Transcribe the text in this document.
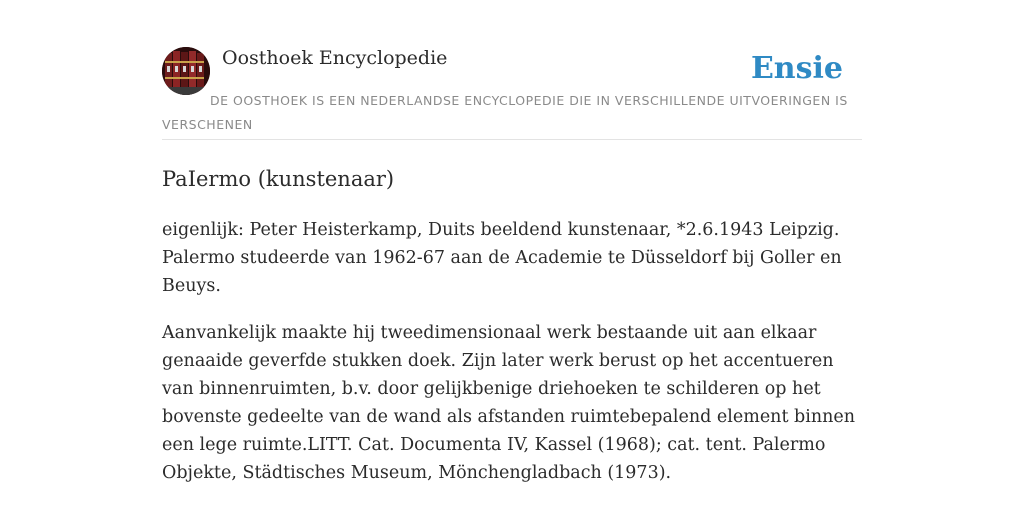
Oosthoek Encyclopedie	Ensie
DE OOSTHOEK IS EEN NEDERLANDSE ENCYCLOPEDIE DIE IN VERSCHILLENDE UITVOERINGEN IS VERSCHENEN
PaIermo (kunstenaar)

eigenlijk: Peter Heisterkamp, Duits beeldend kunstenaar, *2.6.1943 Leipzig. Palermo studeerde van 1962-67 aan de Academie te Düsseldorf bij Goller en Beuys.

Aanvankelijk maakte hij tweedimensionaal werk bestaande uit aan elkaar genaaide geverfde stukken doek. Zijn later werk berust op het accentueren van binnenruimten, b.v. door gelijkbenige driehoeken te schilderen op het bovenste gedeelte van de wand als afstanden ruimtebepalend element binnen een lege ruimte.LITT. Cat. Documenta IV, Kassel (1968); cat. tent. Palermo Objekte, Städtisches Museum, Mönchengladbach (1973).
